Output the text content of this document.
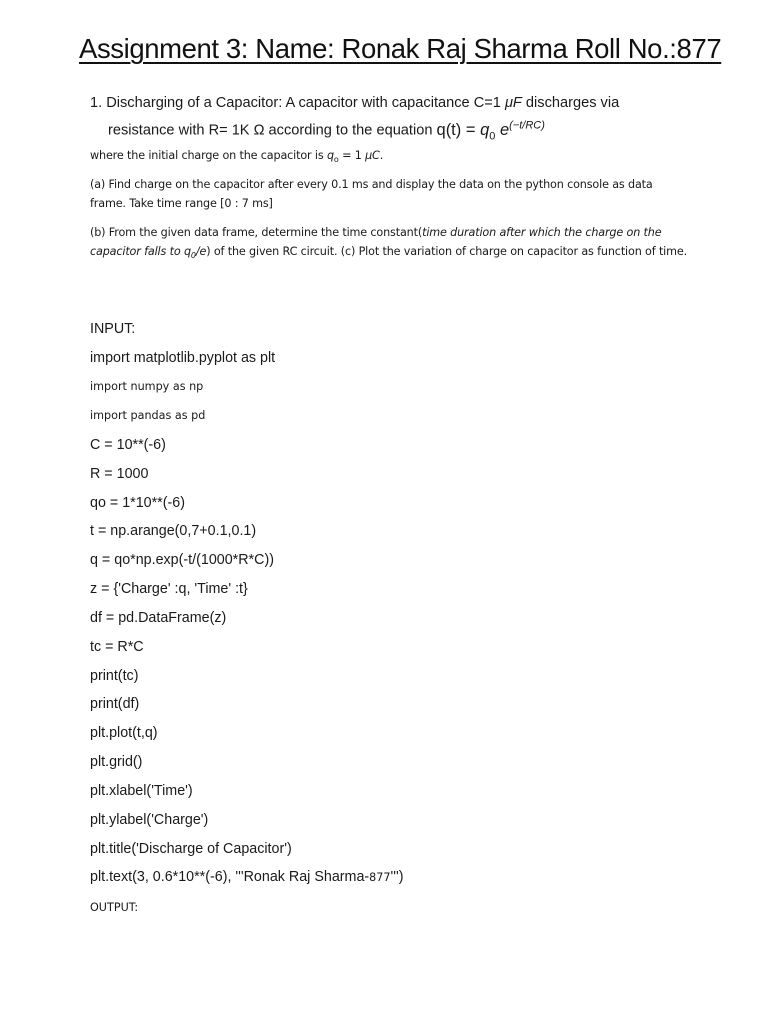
Assignment 3: Name: Ronak Raj Sharma Roll No.:877
1. Discharging of a Capacitor: A capacitor with capacitance C=1 μF discharges via
resistance with R= 1K Ω according to the equation $q(t) = q_0$ $e^{(-t/RC)}$
where the initial charge on the capacitor is $q_o = 1$ μC.
(a) Find charge on the capacitor after every 0.1 ms and display the data on the python console as data frame. Take time range [0 : 7 ms]
(b) From the given data frame, determine the time constant(time duration after which the charge on the capacitor falls to $q_0/e$) of the given RC circuit. (c) Plot the variation of charge on capacitor as function of time.
INPUT:
import matplotlib.pyplot as plt
import numpy as np
import pandas as pd
C = 10**(-6)
R = 1000
qo = 1*10**(-6)
t = np.arange(0,7+0.1,0.1)
q = qo*np.exp(-t/(1000*R*C))
z = {'Charge' :q, 'Time' :t}
df = pd.DataFrame(z)
tc = R*C
print(tc)
print(df)
plt.plot(t,q)
plt.grid()
plt.xlabel('Time')
plt.ylabel('Charge')
plt.title('Discharge of Capacitor')
plt.text(3, 0.6*10**(-6), '''Ronak Raj Sharma-877''')
OUTPUT:
